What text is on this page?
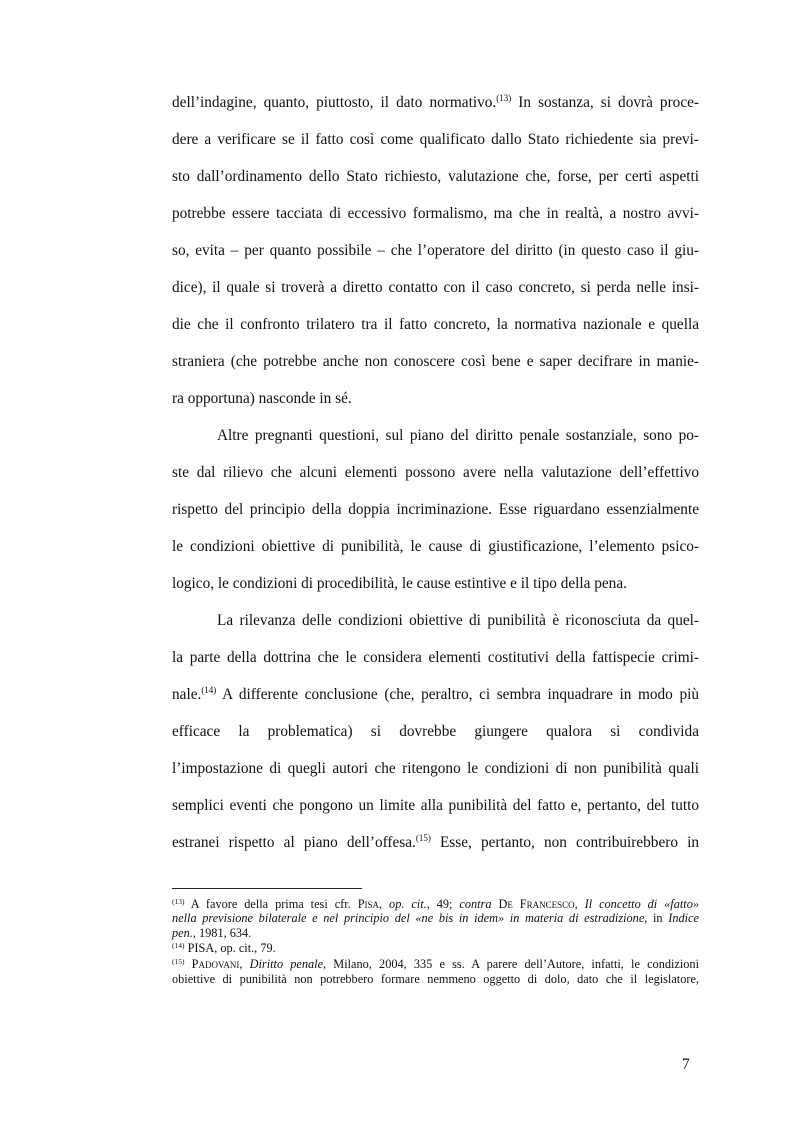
dell’indagine, quanto, piuttosto, il dato normativo.$^{(13)}$ In sostanza, si dovrà proce-
dere a verificare se il fatto così come qualificato dallo Stato richiedente sia previ-
sto dall’ordinamento dello Stato richiesto, valutazione che, forse, per certi aspetti
potrebbe essere tacciata di eccessivo formalismo, ma che in realtà, a nostro avvi-
so, evita – per quanto possibile – che l’operatore del diritto (in questo caso il giu-
dice), il quale si troverà a diretto contatto con il caso concreto, si perda nelle insi-
die che il confronto trilatero tra il fatto concreto, la normativa nazionale e quella
straniera (che potrebbe anche non conoscere così bene e saper decifrare in manie-
ra opportuna) nasconde in sé.
Altre pregnanti questioni, sul piano del diritto penale sostanziale, sono po-
ste dal rilievo che alcuni elementi possono avere nella valutazione dell’effettivo
rispetto del principio della doppia incriminazione. Esse riguardano essenzialmente
le condizioni obiettive di punibilità, le cause di giustificazione, l’elemento psico-
logico, le condizioni di procedibilità, le cause estintive e il tipo della pena.
La rilevanza delle condizioni obiettive di punibilità è riconosciuta da quel-
la parte della dottrina che le considera elementi costitutivi della fattispecie crimi-
nale.$^{(14)}$ A differente conclusione (che, peraltro, ci sembra inquadrare in modo più
efficace la problematica) si dovrebbe giungere qualora si condivida
l’impostazione di quegli autori che ritengono le condizioni di non punibilità quali
semplici eventi che pongono un limite alla punibilità del fatto e, pertanto, del tutto
estranei rispetto al piano dell’offesa.$^{(15)}$ Esse, pertanto, non contribuirebbero in
$^{(13)}$ A favore della prima tesi cfr. Pisa, op. cit., 49; contra De Francesco, Il concetto di «fatto»
nella previsione bilaterale e nel principio del «ne bis in idem» in materia di estradizione, in Indice
pen., 1981, 634.
$^{(14)}$ PISA, op. cit., 79.
$^{(15)}$ Padovani, Diritto penale, Milano, 2004, 335 e ss. A parere dell’Autore, infatti, le condizioni
obiettive di punibilità non potrebbero formare nemmeno oggetto di dolo, dato che il legislatore,
7
